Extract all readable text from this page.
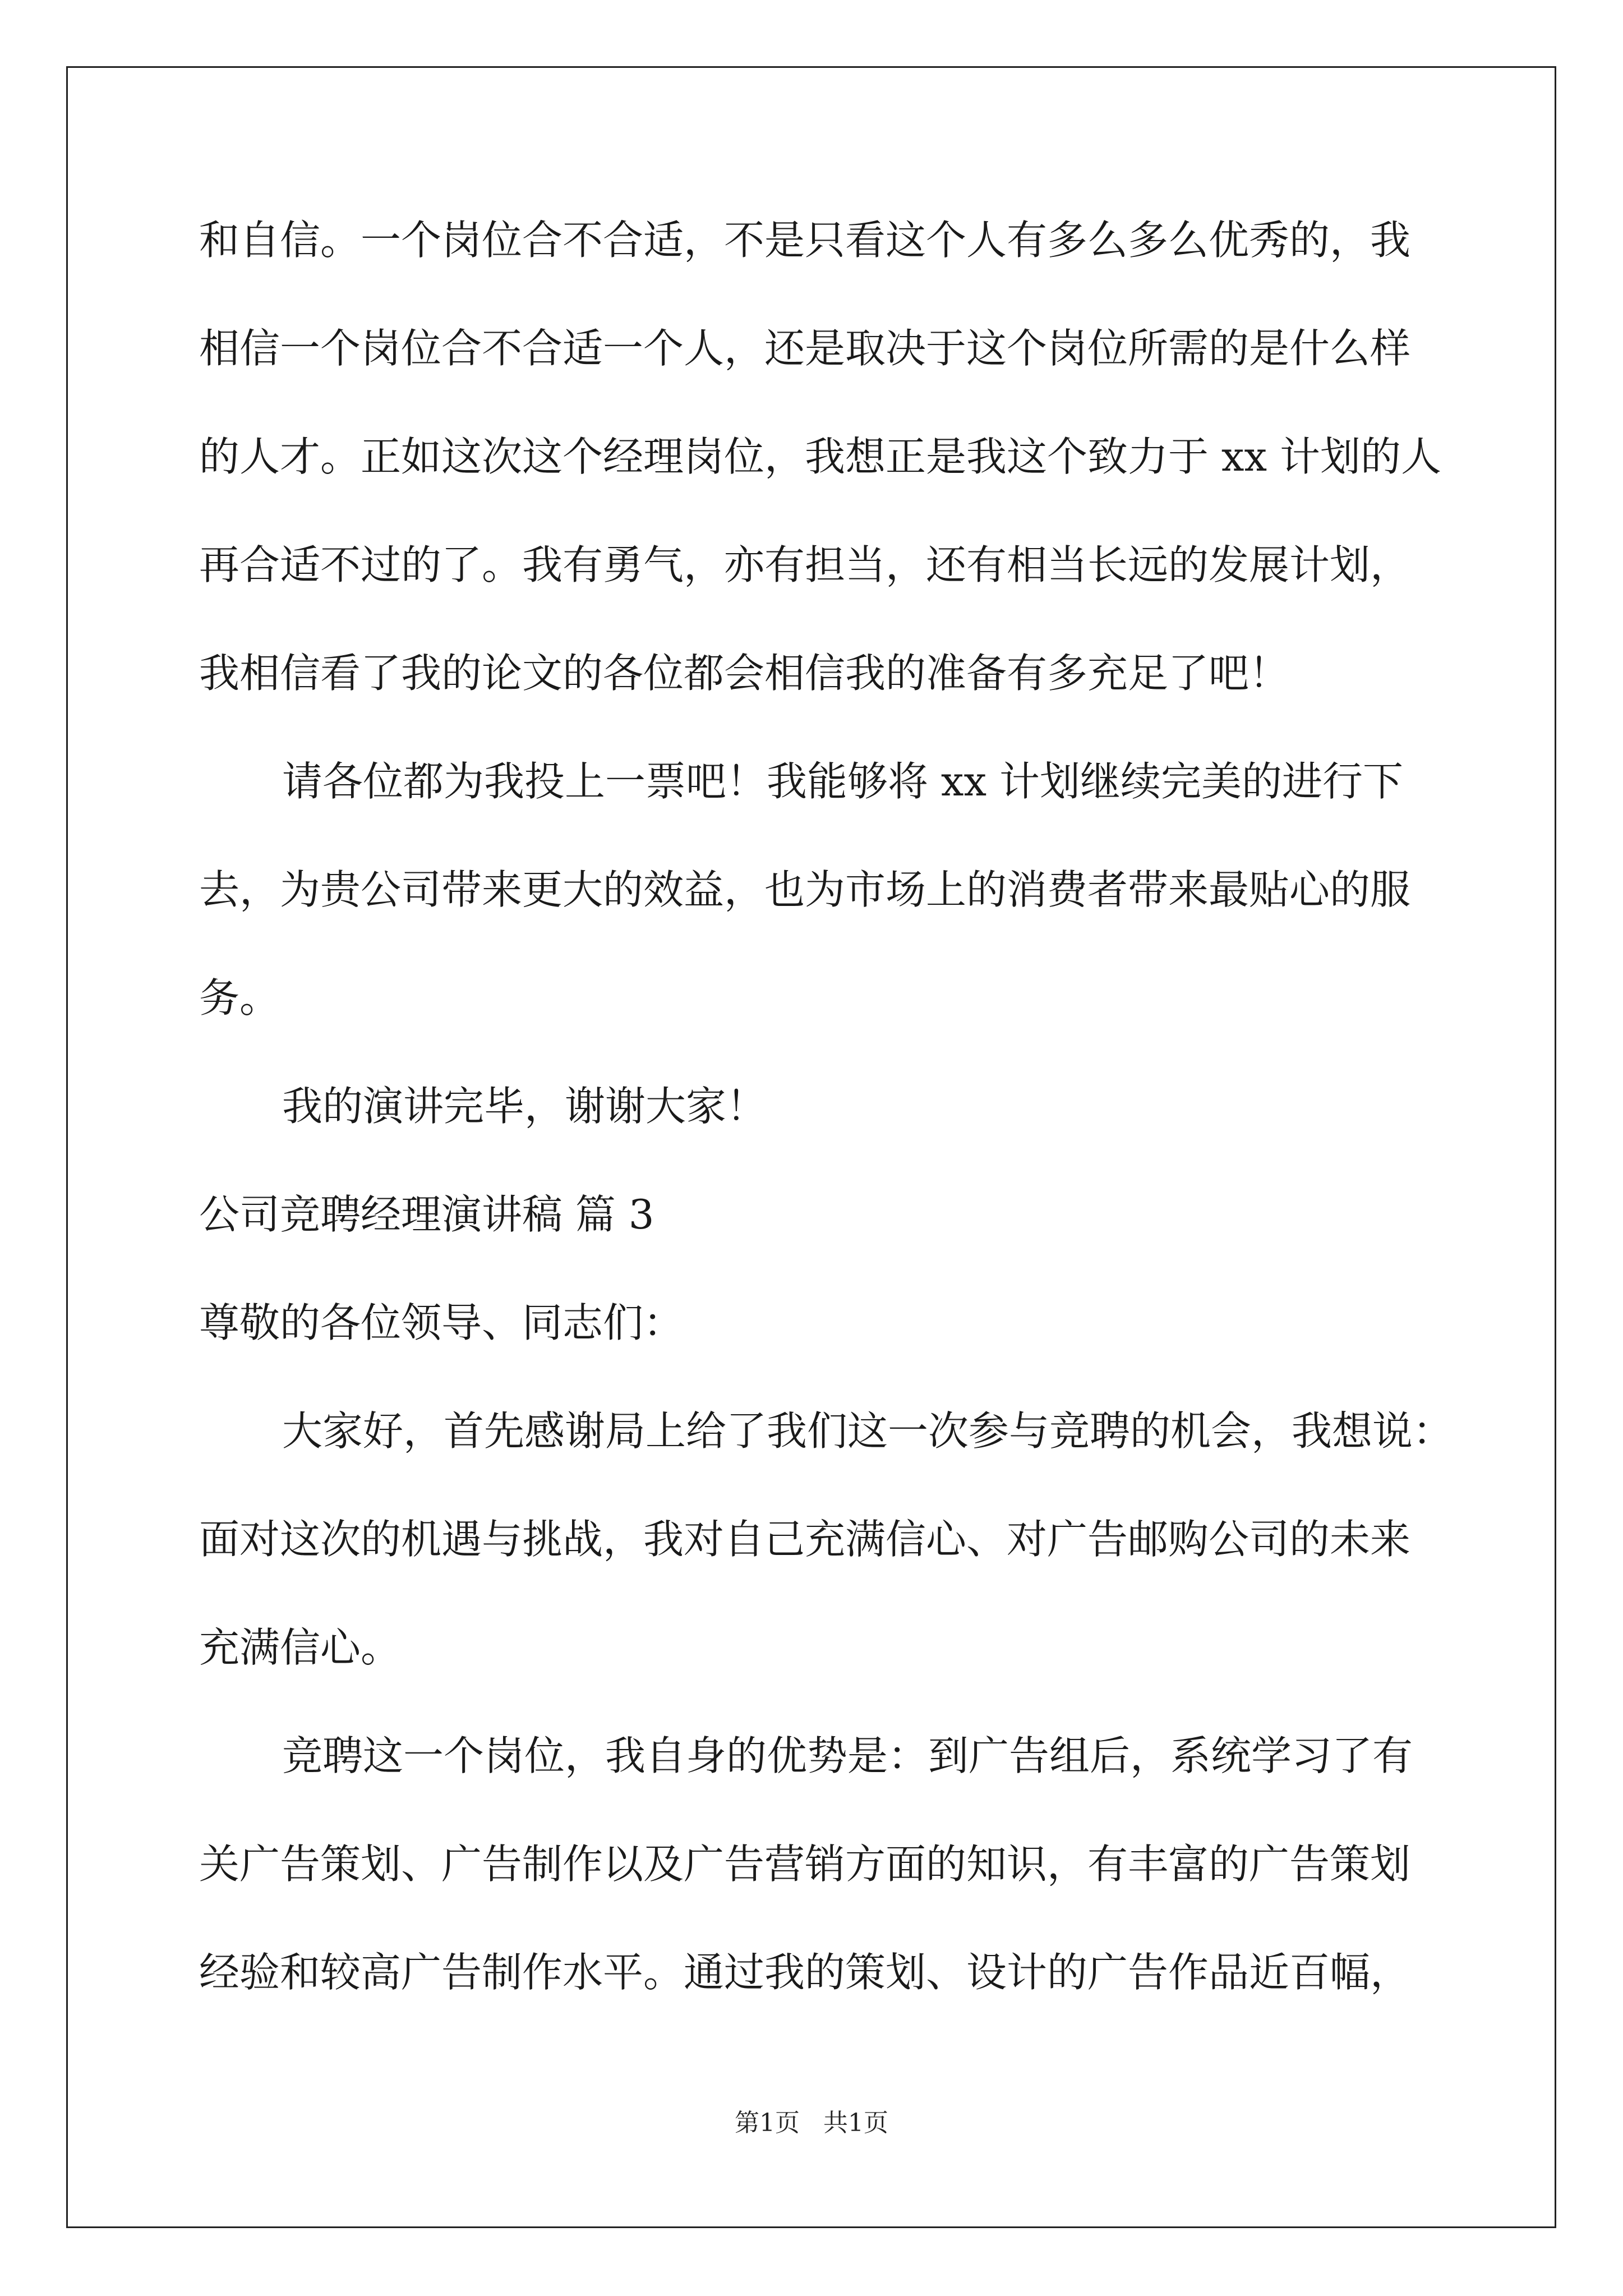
和自信。一个岗位合不合适，不是只看这个人有多么多么优秀的，我
相信一个岗位合不合适一个人，还是取决于这个岗位所需的是什么样
的人才。正如这次这个经理岗位，我想正是我这个致力于 xx 计划的人
再合适不过的了。我有勇气，亦有担当，还有相当长远的发展计划，
我相信看了我的论文的各位都会相信我的准备有多充足了吧！
请各位都为我投上一票吧！我能够将 xx 计划继续完美的进行下
去，为贵公司带来更大的效益，也为市场上的消费者带来最贴心的服
务。
我的演讲完毕，谢谢大家！
公司竞聘经理演讲稿 篇 3
尊敬的各位领导、同志们：
大家好，首先感谢局上给了我们这一次参与竞聘的机会，我想说：
面对这次的机遇与挑战，我对自己充满信心、对广告邮购公司的未来
充满信心。
竞聘这一个岗位，我自身的优势是：到广告组后，系统学习了有
关广告策划、广告制作以及广告营销方面的知识，有丰富的广告策划
经验和较高广告制作水平。通过我的策划、设计的广告作品近百幅，
第1页   共1页
